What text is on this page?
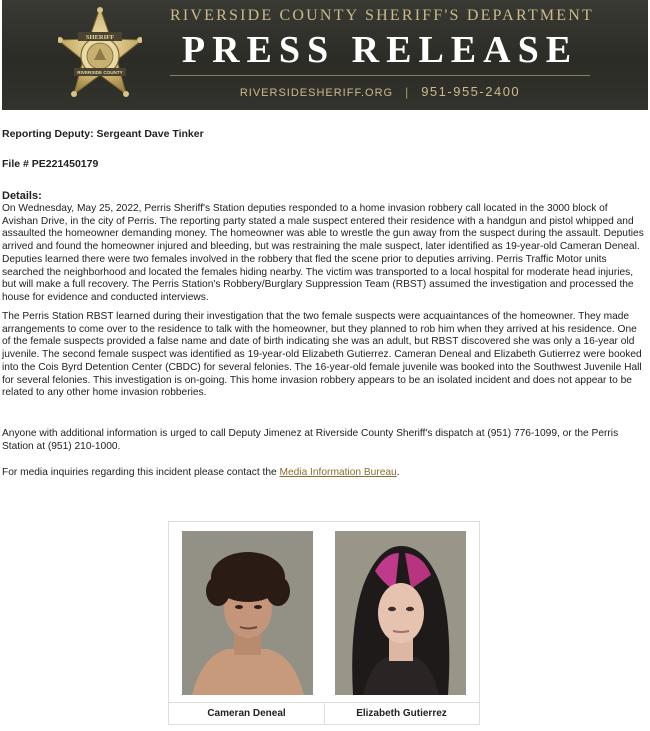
SHERIFF
RIVERSIDE COUNTY
RIVERSIDE COUNTY SHERIFF'S DEPARTMENT
PRESS RELEASE
RIVERSIDESHERIFF.ORG | 951-955-2400

Reporting Deputy: Sergeant Dave Tinker

File # PE221450179

Details:

On Wednesday, May 25, 2022, Perris Sheriff's Station deputies responded to a home invasion robbery call located in the 3000 block of Avishan Drive, in the city of Perris. The reporting party stated a male suspect entered their residence with a handgun and pistol whipped and assaulted the homeowner demanding money. The homeowner was able to wrestle the gun away from the suspect during the assault. Deputies arrived and found the homeowner injured and bleeding, but was restraining the male suspect, later identified as 19-year-old Cameran Deneal. Deputies learned there were two females involved in the robbery that fled the scene prior to deputies arriving. Perris Traffic Motor units searched the neighborhood and located the females hiding nearby. The victim was transported to a local hospital for moderate head injuries, but will make a full recovery. The Perris Station's Robbery/Burglary Suppression Team (RBST) assumed the investigation and processed the house for evidence and conducted interviews.

The Perris Station RBST learned during their investigation that the two female suspects were acquaintances of the homeowner. They made arrangements to come over to the residence to talk with the homeowner, but they planned to rob him when they arrived at his residence. One of the female suspects provided a false name and date of birth indicating she was an adult, but RBST discovered she was only a 16-year old juvenile. The second female suspect was identified as 19-year-old Elizabeth Gutierrez. Cameran Deneal and Elizabeth Gutierrez were booked into the Cois Byrd Detention Center (CBDC) for several felonies. The 16-year-old female juvenile was booked into the Southwest Juvenile Hall for several felonies. This investigation is on-going. This home invasion robbery appears to be an isolated incident and does not appear to be related to any other home invasion robberies.

Anyone with additional information is urged to call Deputy Jimenez at Riverside County Sheriff's dispatch at (951) 776-1099, or the Perris Station at (951) 210-1000.

For media inquiries regarding this incident please contact the Media Information Bureau.

Cameran Deneal	Elizabeth Gutierrez
